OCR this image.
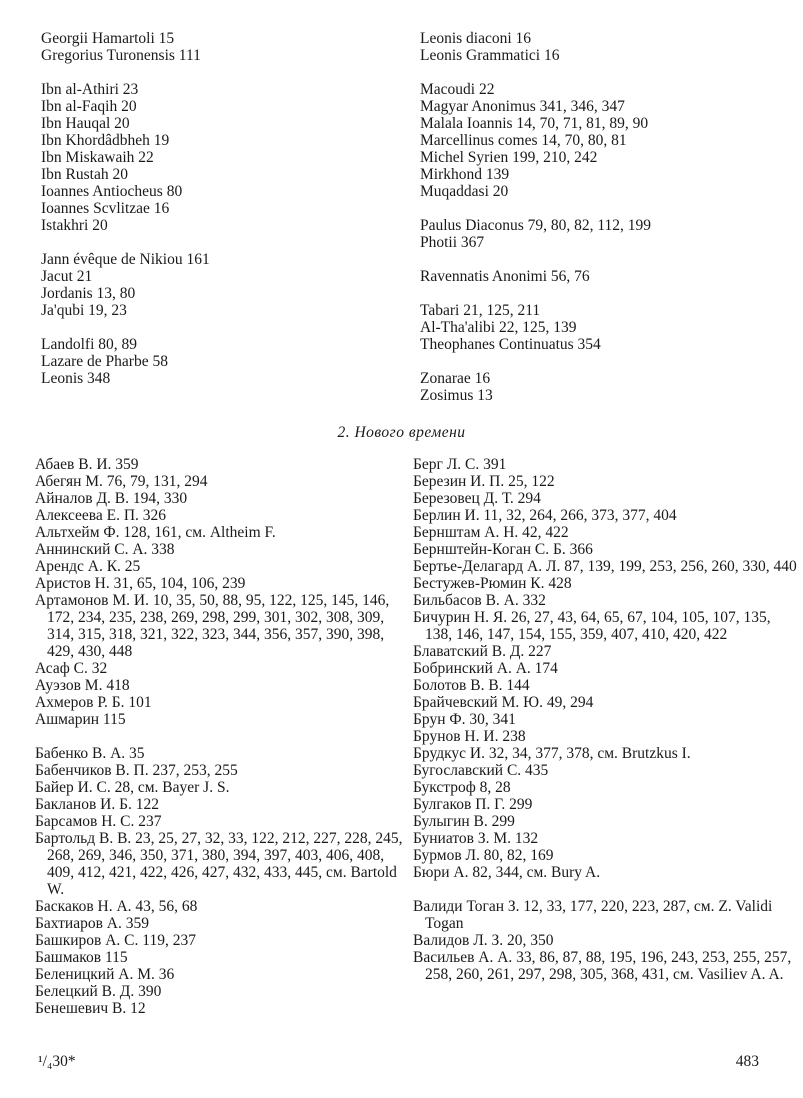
Georgii Hamartoli 15
Gregorius Turonensis 111
Ibn al-Athiri 23
Ibn al-Faqih 20
Ibn Hauqal 20
Ibn Khordâdbheh 19
Ibn Miskawaih 22
Ibn Rustah 20
Ioannes Antiocheus 80
Ioannes Scvlitzae 16
Istakhri 20
Jann évêque de Nikiou 161
Jacut 21
Jordanis 13, 80
Ja'qubi 19, 23
Landolfi 80, 89
Lazare de Pharbe 58
Leonis 348
Leonis diaconi 16
Leonis Grammatici 16
Macoudi 22
Magyar Anonimus 341, 346, 347
Malala Ioannis 14, 70, 71, 81, 89, 90
Marcellinus comes 14, 70, 80, 81
Michel Syrien 199, 210, 242
Mirkhond 139
Muqaddasi 20
Paulus Diaconus 79, 80, 82, 112, 199
Photii 367
Ravennatis Anonimi 56, 76
Tabari 21, 125, 211
Al-Tha'alibi 22, 125, 139
Theophanes Continuatus 354
Zonarae 16
Zosimus 13
2. Нового времени
Абаев В. И. 359
Абегян М. 76, 79, 131, 294
Айналов Д. В. 194, 330
Алексеева Е. П. 326
Альтхейм Ф. 128, 161, см. Altheim F.
Аннинский С. А. 338
Арендс А. К. 25
Аристов Н. 31, 65, 104, 106, 239
Артамонов М. И. 10, 35, 50, 88, 95, 122, 125, 145, 146, 172, 234, 235, 238, 269, 298, 299, 301, 302, 308, 309, 314, 315, 318, 321, 322, 323, 344, 356, 357, 390, 398, 429, 430, 448
Асаф С. 32
Ауэзов М. 418
Ахмеров Р. Б. 101
Ашмарин 115
Бабенко В. А. 35
Бабенчиков В. П. 237, 253, 255
Байер И. С. 28, см. Bayer J. S.
Бакланов И. Б. 122
Барсамов Н. С. 237
Бартольд В. В. 23, 25, 27, 32, 33, 122, 212, 227, 228, 245, 268, 269, 346, 350, 371, 380, 394, 397, 403, 406, 408, 409, 412, 421, 422, 426, 427, 432, 433, 445, см. Bartold W.
Баскаков Н. А. 43, 56, 68
Бахтиаров А. 359
Башкиров А. С. 119, 237
Башмаков 115
Беленицкий А. М. 36
Белецкий В. Д. 390
Бенешевич В. 12
Берг Л. С. 391
Березин И. П. 25, 122
Березовец Д. Т. 294
Берлин И. 11, 32, 264, 266, 373, 377, 404
Бернштам А. Н. 42, 422
Бернштейн-Коган С. Б. 366
Бертье-Делагард А. Л. 87, 139, 199, 253, 256, 260, 330, 440
Бестужев-Рюмин К. 428
Бильбасов В. А. 332
Бичурин Н. Я. 26, 27, 43, 64, 65, 67, 104, 105, 107, 135, 138, 146, 147, 154, 155, 359, 407, 410, 420, 422
Блаватский В. Д. 227
Бобринский А. А. 174
Болотов В. В. 144
Брайчевский М. Ю. 49, 294
Брун Ф. 30, 341
Брунов Н. И. 238
Брудкус И. 32, 34, 377, 378, см. Brutzkus I.
Бугославский С. 435
Букстроф 8, 28
Булгаков П. Г. 299
Булыгин В. 299
Буниатов З. М. 132
Бурмов Л. 80, 82, 169
Бюри А. 82, 344, см. Bury A.
Валиди Тоган З. 12, 33, 177, 220, 223, 287, см. Z. Validi Togan
Валидов Л. З. 20, 350
Васильев А. А. 33, 86, 87, 88, 195, 196, 243, 253, 255, 257, 258, 260, 261, 297, 298, 305, 368, 431, см. Vasiliev A. A.
¹/₄30*	483
